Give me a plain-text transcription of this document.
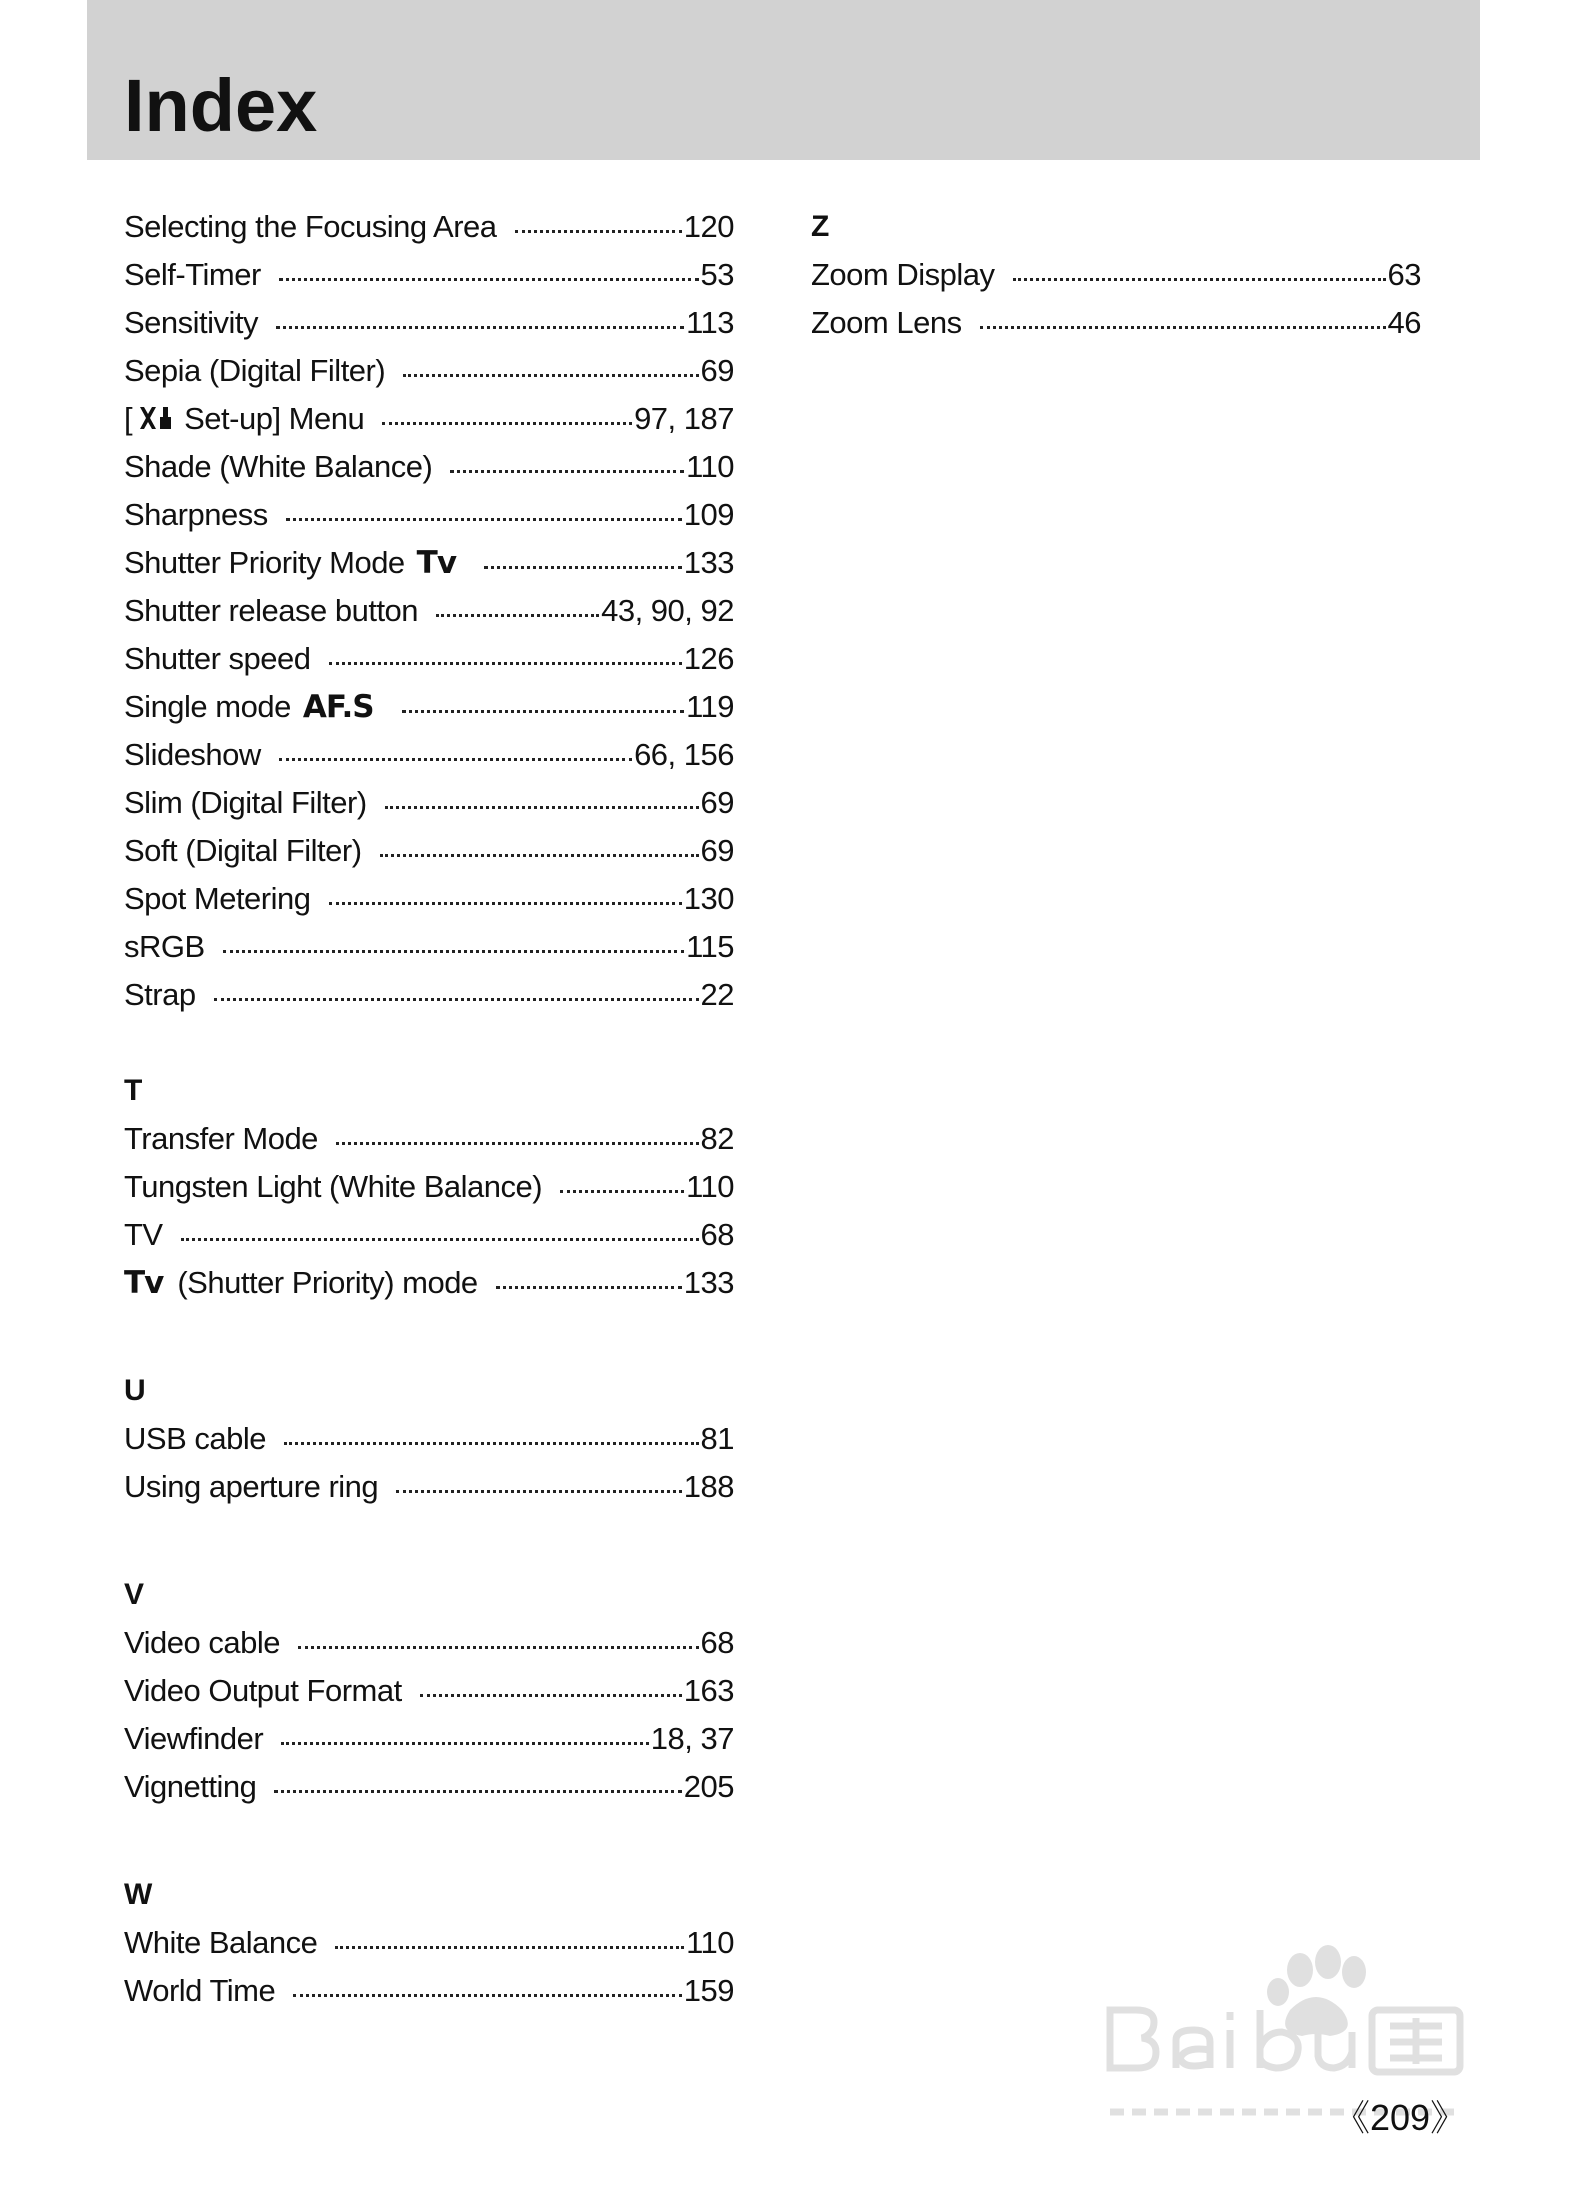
Index
Selecting the Focusing Area	120
Self-Timer	53
Sensitivity	113
Sepia (Digital Filter)	69
[ Set-up] Menu	97, 187
Shade (White Balance)	110
Sharpness	109
Shutter Priority Mode Tv	133
Shutter release button	43, 90, 92
Shutter speed	126
Single mode AF.S	119
Slideshow	66, 156
Slim (Digital Filter)	69
Soft (Digital Filter)	69
Spot Metering	130
sRGB	115
Strap	22
T
Transfer Mode	82
Tungsten Light (White Balance)	110
TV	68
Tv (Shutter Priority) mode	133
U
USB cable	81
Using aperture ring	188
V
Video cable	68
Video Output Format	163
Viewfinder	18, 37
Vignetting	205
W
White Balance	110
World Time	159
Z
Zoom Display	63
Zoom Lens	46
《209》
